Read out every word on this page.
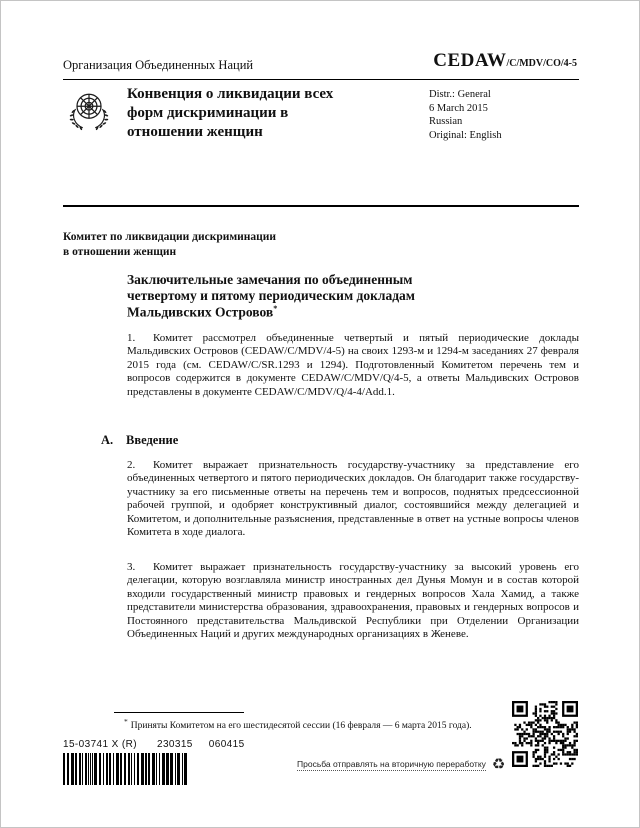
Организация Объединенных Наций	CEDAW/C/MDV/CO/4-5
Конвенция о ликвидации всех форм дискриминации в отношении женщин
Distr.: General
6 March 2015
Russian
Original: English
Комитет по ликвидации дискриминации
в отношении женщин
Заключительные замечания по объединенным четвертому и пятому периодическим докладам Мальдивских Островов*

1. Комитет рассмотрел объединенные четвертый и пятый периодические доклады Мальдивских Островов (CEDAW/C/MDV/4-5) на своих 1293-м и 1294-м заседаниях 27 февраля 2015 года (см. CEDAW/C/SR.1293 и 1294). Подготовленный Комитетом перечень тем и вопросов содержится в документе CEDAW/C/MDV/Q/4-5, а ответы Мальдивских Островов представлены в документе CEDAW/C/MDV/Q/4-4/Add.1.

A. Введение

2. Комитет выражает признательность государству-участнику за представление его объединенных четвертого и пятого периодических докладов. Он благодарит также государству-участнику за его письменные ответы на перечень тем и вопросов, поднятых предсессионной рабочей группой, и одобряет конструктивный диалог, состоявшийся между делегацией и Комитетом, и дополнительные разъяснения, представленные в ответ на устные вопросы членов Комитета в ходе диалога.

3. Комитет выражает признательность государству-участнику за высокий уровень его делегации, которую возглавляла министр иностранных дел Дунья Момун и в состав которой входили государственный министр правовых и гендерных вопросов Хала Хамид, а также представители министерства образования, здравоохранения, правовых и гендерных вопросов и Постоянного представительства Мальдивской Республики при Отделении Организации Объединенных Наций и других международных организациях в Женеве.

* Приняты Комитетом на его шестидесятой сессии (16 февраля — 6 марта 2015 года).
15-03741 X (R) 230315 060415
Просьба отправлять на вторичную переработку ♻
